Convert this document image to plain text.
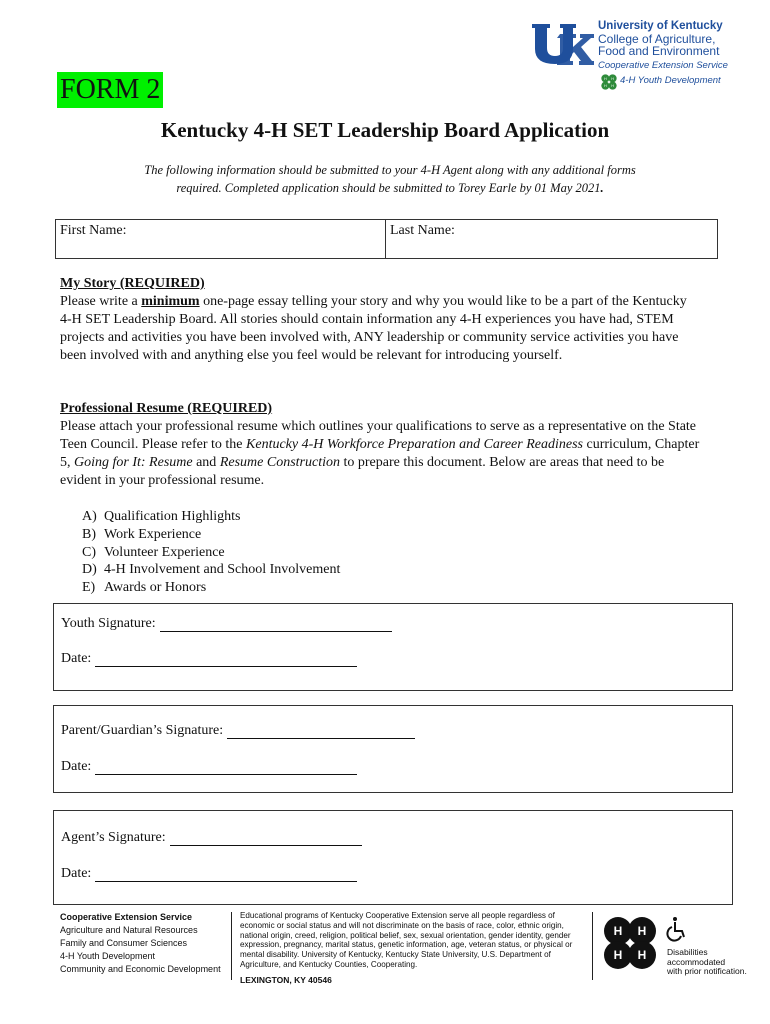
University of Kentucky
College of Agriculture,
Food and Environment
Cooperative Extension Service
H H
H H 4-H Youth Development
FORM 2
Kentucky 4-H SET Leadership Board Application
The following information should be submitted to your 4-H Agent along with any additional forms
required. Completed application should be submitted to Torey Earle by 01 May 2021.
First Name:	Last Name:
My Story (REQUIRED)
Please write a minimum one-page essay telling your story and why you would like to be a part of the Kentucky 4-H SET Leadership Board. All stories should contain information any 4-H experiences you have had, STEM projects and activities you have been involved with, ANY leadership or community service activities you have been involved with and anything else you feel would be relevant for introducing yourself.
Professional Resume (REQUIRED)
Please attach your professional resume which outlines your qualifications to serve as a representative on the State Teen Council. Please refer to the Kentucky 4-H Workforce Preparation and Career Readiness curriculum, Chapter 5, Going for It: Resume and Resume Construction to prepare this document. Below are areas that need to be evident in your professional resume.
A) Qualification Highlights
B) Work Experience
C) Volunteer Experience
D) 4-H Involvement and School Involvement
E) Awards or Honors
Youth Signature:
Date:
Parent/Guardian’s Signature:
Date:
Agent’s Signature:
Date:
Cooperative Extension Service
Agriculture and Natural Resources
Family and Consumer Sciences
4-H Youth Development
Community and Economic Development
Educational programs of Kentucky Cooperative Extension serve all people regardless of economic or social status and will not discriminate on the basis of race, color, ethnic origin, national origin, creed, religion, political belief, sex, sexual orientation, gender identity, gender expression, pregnancy, marital status, genetic information, age, veteran status, or physical or mental disability. University of Kentucky, Kentucky State University, U.S. Department of Agriculture, and Kentucky Counties, Cooperating.
LEXINGTON, KY 40546
H H
H H Disabilities
accommodated
with prior notification.
